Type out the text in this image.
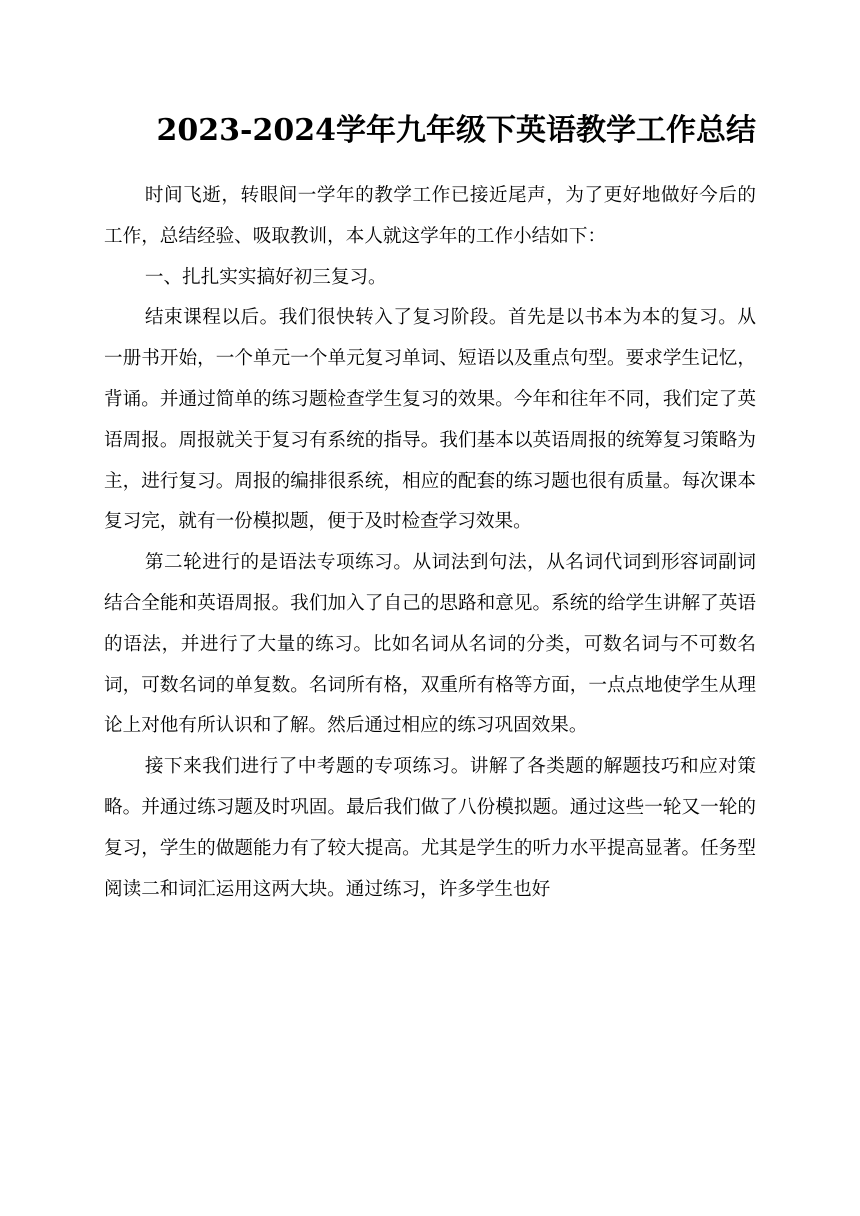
2023-2024学年九年级下英语教学工作总结

时间飞逝，转眼间一学年的教学工作已接近尾声，为了更好地做好今后的工作，总结经验、吸取教训，本人就这学年的工作小结如下：

一、扎扎实实搞好初三复习。

结束课程以后。我们很快转入了复习阶段。首先是以书本为本的复习。从一册书开始，一个单元一个单元复习单词、短语以及重点句型。要求学生记忆，背诵。并通过简单的练习题检查学生复习的效果。今年和往年不同，我们定了英语周报。周报就关于复习有系统的指导。我们基本以英语周报的统筹复习策略为主，进行复习。周报的编排很系统，相应的配套的练习题也很有质量。每次课本复习完，就有一份模拟题，便于及时检查学习效果。

第二轮进行的是语法专项练习。从词法到句法，从名词代词到形容词副词结合全能和英语周报。我们加入了自己的思路和意见。系统的给学生讲解了英语的语法，并进行了大量的练习。比如名词从名词的分类，可数名词与不可数名词，可数名词的单复数。名词所有格，双重所有格等方面，一点点地使学生从理论上对他有所认识和了解。然后通过相应的练习巩固效果。

接下来我们进行了中考题的专项练习。讲解了各类题的解题技巧和应对策略。并通过练习题及时巩固。最后我们做了八份模拟题。通过这些一轮又一轮的复习，学生的做题能力有了较大提高。尤其是学生的听力水平提高显著。任务型阅读二和词汇运用这两大块。通过练习，许多学生也好
